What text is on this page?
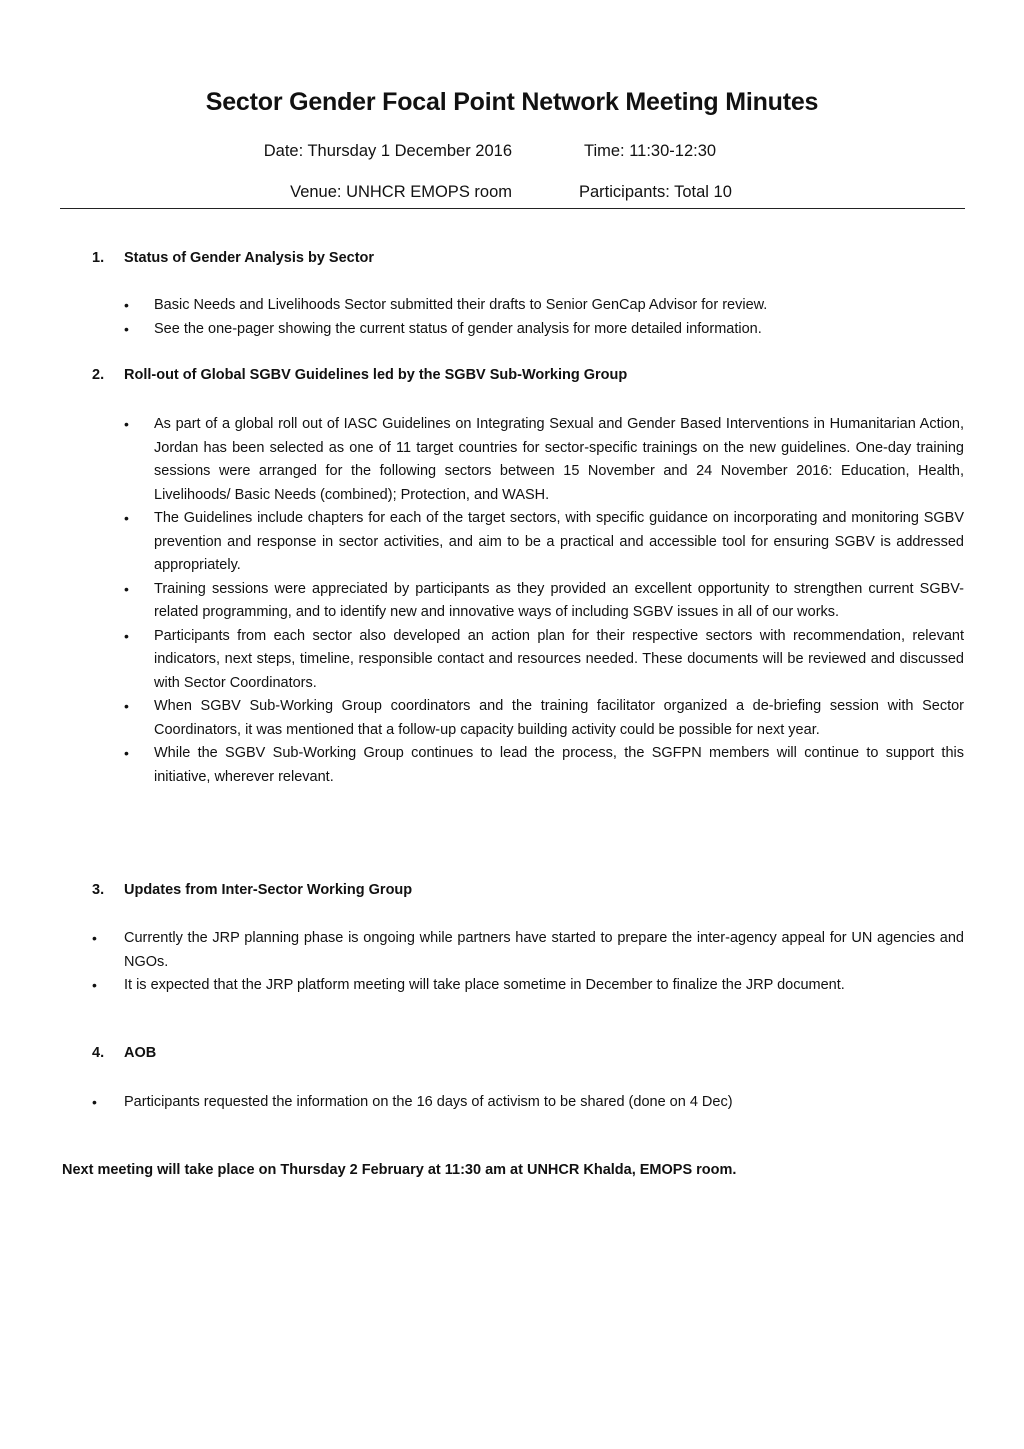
Sector Gender Focal Point Network Meeting Minutes
Date: Thursday 1 December 2016	Time: 11:30-12:30
Venue: UNHCR EMOPS room	Participants: Total 10
1. Status of Gender Analysis by Sector
• Basic Needs and Livelihoods Sector submitted their drafts to Senior GenCap Advisor for review.
• See the one-pager showing the current status of gender analysis for more detailed information.
2. Roll-out of Global SGBV Guidelines led by the SGBV Sub-Working Group
• As part of a global roll out of IASC Guidelines on Integrating Sexual and Gender Based Interventions in Humanitarian Action, Jordan has been selected as one of 11 target countries for sector-specific trainings on the new guidelines. One-day training sessions were arranged for the following sectors between 15 November and 24 November 2016: Education, Health, Livelihoods/ Basic Needs (combined); Protection, and WASH.
• The Guidelines include chapters for each of the target sectors, with specific guidance on incorporating and monitoring SGBV prevention and response in sector activities, and aim to be a practical and accessible tool for ensuring SGBV is addressed appropriately.
• Training sessions were appreciated by participants as they provided an excellent opportunity to strengthen current SGBV-related programming, and to identify new and innovative ways of including SGBV issues in all of our works.
• Participants from each sector also developed an action plan for their respective sectors with recommendation, relevant indicators, next steps, timeline, responsible contact and resources needed. These documents will be reviewed and discussed with Sector Coordinators.
• When SGBV Sub-Working Group coordinators and the training facilitator organized a de-briefing session with Sector Coordinators, it was mentioned that a follow-up capacity building activity could be possible for next year.
• While the SGBV Sub-Working Group continues to lead the process, the SGFPN members will continue to support this initiative, wherever relevant.
3. Updates from Inter-Sector Working Group
• Currently the JRP planning phase is ongoing while partners have started to prepare the inter-agency appeal for UN agencies and NGOs.
• It is expected that the JRP platform meeting will take place sometime in December to finalize the JRP document.
4. AOB
• Participants requested the information on the 16 days of activism to be shared (done on 4 Dec)
Next meeting will take place on Thursday 2 February at 11:30 am at UNHCR Khalda, EMOPS room.
